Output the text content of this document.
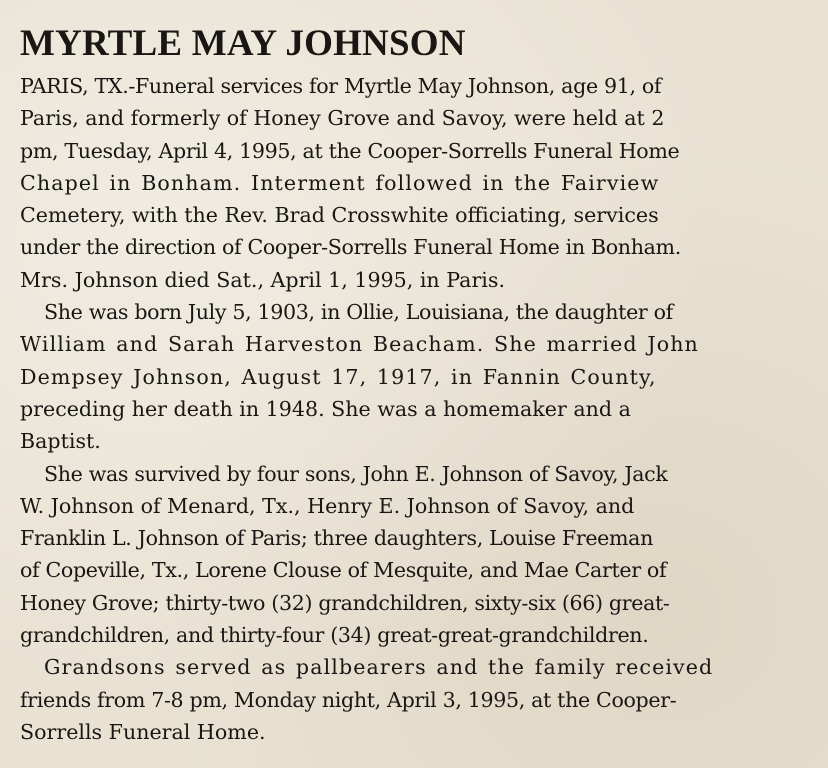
MYRTLE MAY JOHNSON

PARIS, TX.-Funeral services for Myrtle May Johnson, age 91, of
Paris, and formerly of Honey Grove and Savoy, were held at 2
pm, Tuesday, April 4, 1995, at the Cooper-Sorrells Funeral Home
Chapel in Bonham. Interment followed in the Fairview
Cemetery, with the Rev. Brad Crosswhite officiating, services
under the direction of Cooper-Sorrells Funeral Home in Bonham.
Mrs. Johnson died Sat., April 1, 1995, in Paris.

She was born July 5, 1903, in Ollie, Louisiana, the daughter of
William and Sarah Harveston Beacham. She married John
Dempsey Johnson, August 17, 1917, in Fannin County,
preceding her death in 1948. She was a homemaker and a
Baptist.

She was survived by four sons, John E. Johnson of Savoy, Jack
W. Johnson of Menard, Tx., Henry E. Johnson of Savoy, and
Franklin L. Johnson of Paris; three daughters, Louise Freeman
of Copeville, Tx., Lorene Clouse of Mesquite, and Mae Carter of
Honey Grove; thirty-two (32) grandchildren, sixty-six (66) great-
grandchildren, and thirty-four (34) great-great-grandchildren.

Grandsons served as pallbearers and the family received
friends from 7-8 pm, Monday night, April 3, 1995, at the Cooper-
Sorrells Funeral Home.
